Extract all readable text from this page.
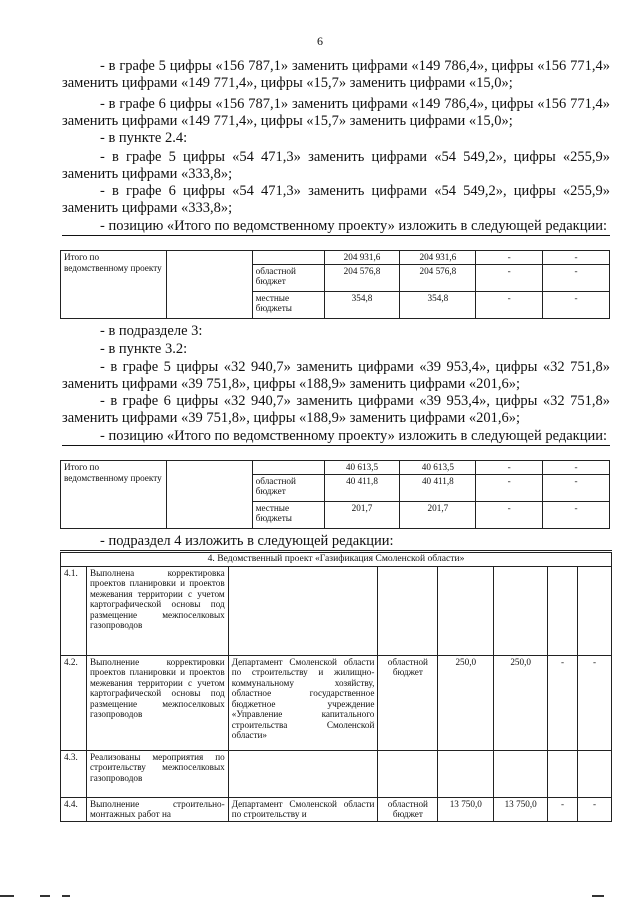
6
- в графе 5 цифры «156 787,1» заменить цифрами «149 786,4», цифры «156 771,4» заменить цифрами «149 771,4», цифры «15,7» заменить цифрами «15,0»;
- в графе 6 цифры «156 787,1» заменить цифрами «149 786,4», цифры «156 771,4» заменить цифрами «149 771,4», цифры «15,7» заменить цифрами «15,0»;
- в пункте 2.4:
- в графе 5 цифры «54 471,3» заменить цифрами «54 549,2», цифры «255,9» заменить цифрами «333,8»;
- в графе 6 цифры «54 471,3» заменить цифрами «54 549,2», цифры «255,9» заменить цифрами «333,8»;
- позицию «Итого по ведомственному проекту» изложить в следующей редакции:
Итого по ведомственному проекту			204 931,6	204 931,6	-	-
		областной бюджет	204 576,8	204 576,8	-	-
		местные бюджеты	354,8	354,8	-	-
- в подразделе 3:
- в пункте 3.2:
- в графе 5 цифры «32 940,7» заменить цифрами «39 953,4», цифры «32 751,8» заменить цифрами «39 751,8», цифры «188,9» заменить цифрами «201,6»;
- в графе 6 цифры «32 940,7» заменить цифрами «39 953,4», цифры «32 751,8» заменить цифрами «39 751,8», цифры «188,9» заменить цифрами «201,6»;
- позицию «Итого по ведомственному проекту» изложить в следующей редакции:
Итого по ведомственному проекту			40 613,5	40 613,5	-	-
		областной бюджет	40 411,8	40 411,8	-	-
		местные бюджеты	201,7	201,7	-	-
- подраздел 4 изложить в следующей редакции:
4. Ведомственный проект «Газификация Смоленской области»							
4.1.	Выполнена корректировка проектов планировки и проектов межевания территории с учетом картографической основы под размещение межпоселковых газопроводов						
4.2.	Выполнение корректировки проектов планировки и проектов межевания территории с учетом картографической основы под размещение межпоселковых газопроводов	Департамент Смоленской области по строительству и жилищно-коммунальному хозяйству, областное государственное бюджетное учреждение «Управление капитального строительства Смоленской области»	областной бюджет	250,0	250,0	-	-
4.3.	Реализованы мероприятия по строительству межпоселковых газопроводов						
4.4.	Выполнение строительно-монтажных работ на	Департамент Смоленской области по строительству и	областной бюджет	13 750,0	13 750,0	-	-
